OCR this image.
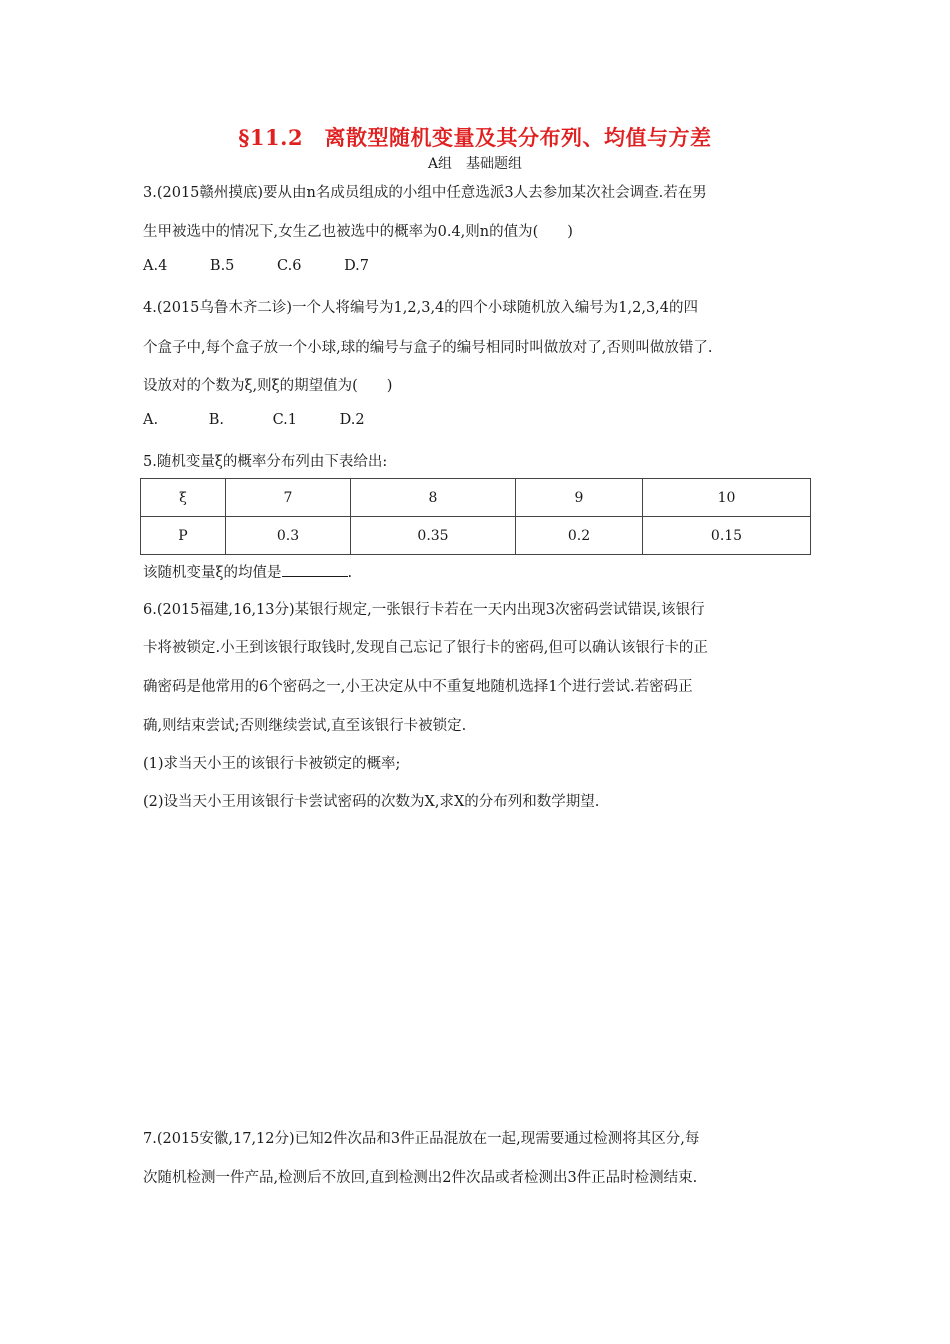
§11.2　离散型随机变量及其分布列、均值与方差
A组　基础题组
3.(2015赣州摸底)要从由n名成员组成的小组中任意选派3人去参加某次社会调查.若在男
生甲被选中的情况下,女生乙也被选中的概率为0.4,则n的值为(　　)
A.4	B.5	C.6	D.7
4.(2015乌鲁木齐二诊)一个人将编号为1,2,3,4的四个小球随机放入编号为1,2,3,4的四
个盒子中,每个盒子放一个小球,球的编号与盒子的编号相同时叫做放对了,否则叫做放错了.
设放对的个数为ξ,则ξ的期望值为(　　)
A.	B.	C.1	D.2
5.随机变量ξ的概率分布列由下表给出:
ξ	7	8	9	10
P	0.3	0.35	0.2	0.15
该随机变量ξ的均值是	.
6.(2015福建,16,13分)某银行规定,一张银行卡若在一天内出现3次密码尝试错误,该银行
卡将被锁定.小王到该银行取钱时,发现自己忘记了银行卡的密码,但可以确认该银行卡的正
确密码是他常用的6个密码之一,小王决定从中不重复地随机选择1个进行尝试.若密码正
确,则结束尝试;否则继续尝试,直至该银行卡被锁定.
(1)求当天小王的该银行卡被锁定的概率;
(2)设当天小王用该银行卡尝试密码的次数为X,求X的分布列和数学期望.
7.(2015安徽,17,12分)已知2件次品和3件正品混放在一起,现需要通过检测将其区分,每
次随机检测一件产品,检测后不放回,直到检测出2件次品或者检测出3件正品时检测结束.
